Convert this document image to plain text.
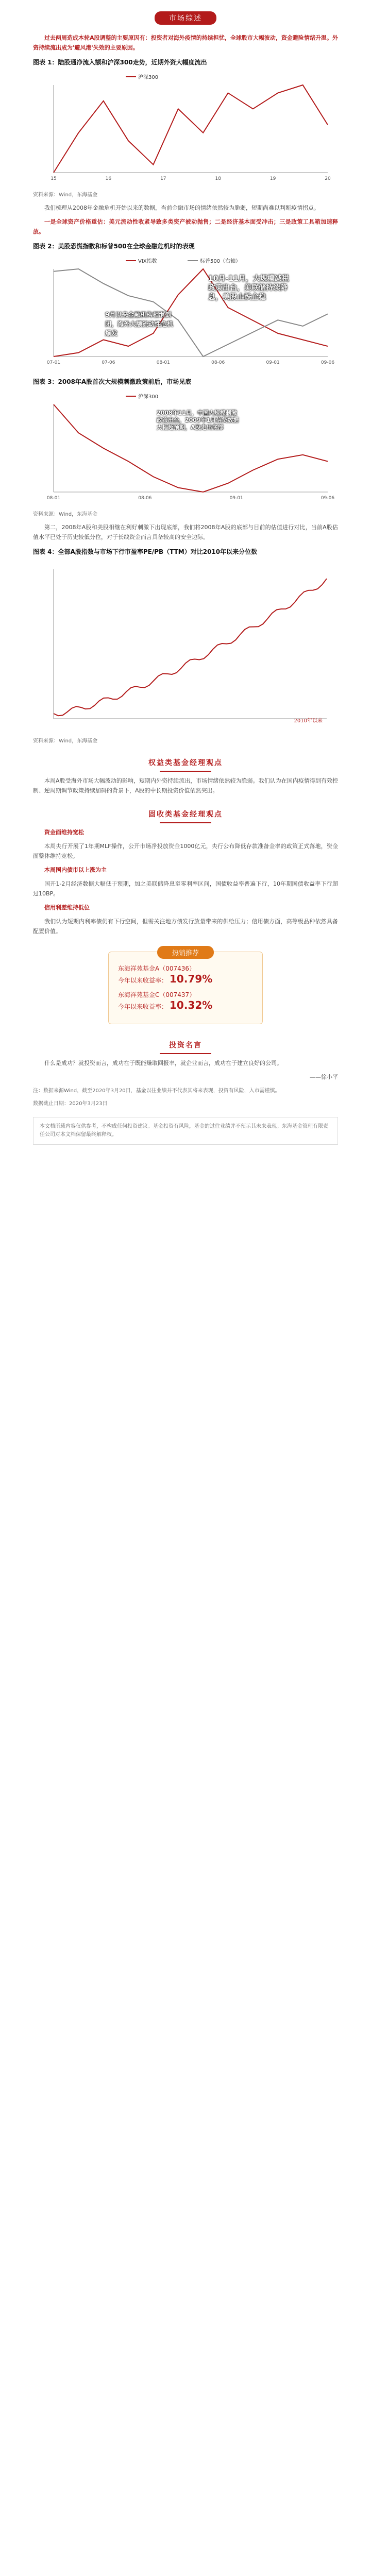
市场综述

过去两周造成本轮A股调整的主要原因有：投资者对海外疫情的持续担忧，全球股市大幅波动，资金避险情绪升温。外资持续流出成为'避风港'失效的主要原因。

图表 1：陆股通净流入额和沪深300走势，近期外资大幅度流出
沪深300
15	16	17	18	19	20
资料来源：Wind，东海基金

我们梳理从2008年金融危机开始以来的数据，当前金融市场的情绪依然较为脆弱，短期尚难以判断疫情拐点。

一是全球资产价格重估：美元流动性收紧导致多类资产被动抛售；二是经济基本面受冲击；三是政策工具箱加速释放。

图表 2：美股恐慌指数和标普500在全球金融危机时的表现
VIX指数	标普500（右轴）
07-01	07-06	08-01	08-06	09-01	09-06
10月-11月，大规模减税政策出台，美联储持续降息，美股止跌企稳
9月以来金融机构相继倒闭，海外大额流动性危机爆发
图表 3：2008年A股首次大规模刺激政策前后，市场见底
沪深300
08-01	08-06	09-01	09-06
2008年11月，中国大规模刺激政策出台，2009年1月信贷数据大幅超预期，A股走出底部
资料来源：Wind，东海基金

第二，2008年A股和美股相继在利好刺激下出现底部，我们将2008年A股的底部与目前的估值进行对比，当前A股估值水平已处于历史较低分位，对于长线资金而言具备较高的安全边际。

图表 4：全部A股指数与市场下行市盈率PE/PB（TTM）对比2010年以来分位数
2010年以来
资料来源：Wind，东海基金
权益类基金经理观点

本周A股受海外市场大幅波动的影响，短期内外资持续流出，市场情绪依然较为脆弱。我们认为在国内疫情得到有效控制、逆周期调节政策持续加码的背景下，A股的中长期投资价值依然突出。

固收类基金经理观点

资金面维持宽松

本周央行开展了1年期MLF操作，公开市场净投放资金1000亿元，央行公布降低存款准备金率的政策正式落地，资金面整体维持宽松。

本周国内债市以上涨为主

国开1-2月经济数据大幅低于预期，加之美联储降息至零利率区间，国债收益率普遍下行，10年期国债收益率下行超过10BP。

信用利差维持低位

我们认为短期内利率债仍有下行空间，但需关注地方债发行放量带来的供给压力；信用债方面，高等级品种依然具备配置价值。

热销推荐
东海祥苑基金A（007436）
今年以来收益率： 10.79%
东海祥苑基金C（007437）
今年以来收益率： 10.32%
投资名言

什么是成功？就投资而言，成功在于既能赚取回报率，就企业而言，成功在于建立良好的公司。

——徐小平

注：数据来源Wind，截至2020年3月20日，基金以往业绩并不代表其将来表现，投资有风险，入市需谨慎。

数据截止日期：2020年3月23日

本文档所载内容仅供参考，不构成任何投资建议。基金投资有风险，基金的过往业绩并不预示其未来表现。东海基金管理有限责任公司对本文档保留最终解释权。
